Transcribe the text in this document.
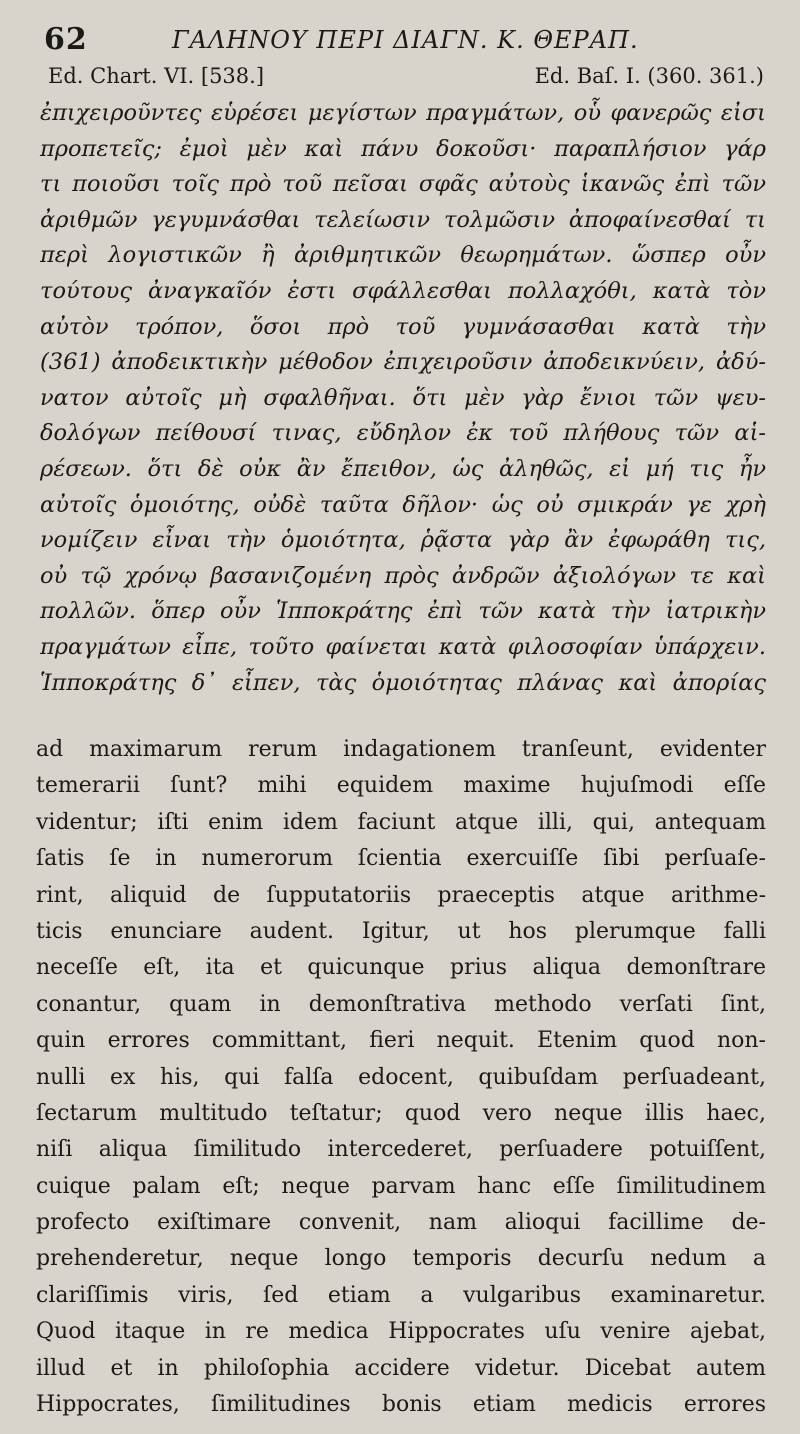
62	ΓΑΛΗΝΟΥ ΠΕΡΙ ΔΙΑΓΝ. Κ. ΘΕΡΑΠ.
Ed. Chart. VI. [538.]	Ed. Baſ. I. (360. 361.)
ἐπιχειροῦντες εὑρέσει μεγίστων πραγμάτων, οὗ φανερῶς εἰσι
προπετεῖς; ἐμοὶ μὲν καὶ πάνυ δοκοῦσι· παραπλήσιον γάρ
τι ποιοῦσι τοῖς πρὸ τοῦ πεῖσαι σφᾶς αὐτοὺς ἱκανῶς ἐπὶ τῶν
ἀριθμῶν γεγυμνάσθαι τελείωσιν τολμῶσιν ἀποφαίνεσθαί τι
περὶ λογιστικῶν ἢ ἀριθμητικῶν θεωρημάτων. ὥσπερ οὖν
τούτους ἀναγκαῖόν ἐστι σφάλλεσθαι πολλαχόθι, κατὰ τὸν
αὐτὸν τρόπον, ὅσοι πρὸ τοῦ γυμνάσασθαι κατὰ τὴν
(361) ἀποδεικτικὴν μέθοδον ἐπιχειροῦσιν ἀποδεικνύειν, ἀδύ-
νατον αὐτοῖς μὴ σφαλθῆναι. ὅτι μὲν γὰρ ἔνιοι τῶν ψευ-
δολόγων πείθουσί τινας, εὔδηλον ἐκ τοῦ πλήθους τῶν αἱ-
ρέσεων. ὅτι δὲ οὐκ ἂν ἔπειθον, ὡς ἀληθῶς, εἰ μή τις ἦν
αὐτοῖς ὁμοιότης, οὐδὲ ταῦτα δῆλον· ὡς οὐ σμικράν γε χρὴ
νομίζειν εἶναι τὴν ὁμοιότητα, ῥᾷστα γὰρ ἂν ἐφωράθη τις,
οὐ τῷ χρόνῳ βασανιζομένη πρὸς ἀνδρῶν ἀξιολόγων τε καὶ
πολλῶν. ὅπερ οὖν Ἱπποκράτης ἐπὶ τῶν κατὰ τὴν ἰατρικὴν
πραγμάτων εἶπε, τοῦτο φαίνεται κατὰ φιλοσοφίαν ὑπάρχειν.
Ἱπποκράτης δ᾽ εἶπεν, τὰς ὁμοιότητας πλάνας καὶ ἀπορίας
ad maximarum rerum indagationem tranſeunt, evidenter
temerarii ſunt? mihi equidem maxime hujuſmodi eſſe
videntur; iſti enim idem faciunt atque illi, qui, antequam
ſatis ſe in numerorum ſcientia exercuiſſe ſibi perſuaſe-
rint, aliquid de ſupputatoriis praeceptis atque arithme-
ticis enunciare audent. Igitur, ut hos plerumque falli
neceſſe eſt, ita et quicunque prius aliqua demonſtrare
conantur, quam in demonſtrativa methodo verſati ſint,
quin errores committant, fieri nequit. Etenim quod non-
nulli ex his, qui falſa edocent, quibuſdam perſuadeant,
ſectarum multitudo teſtatur; quod vero neque illis haec,
niſi aliqua ſimilitudo intercederet, perſuadere potuiſſent,
cuique palam eſt; neque parvam hanc eſſe ſimilitudinem
profecto exiſtimare convenit, nam alioqui facillime de-
prehenderetur, neque longo temporis decurſu nedum a
clariſſimis viris, ſed etiam a vulgaribus examinaretur.
Quod itaque in re medica Hippocrates uſu venire ajebat,
illud et in philoſophia accidere videtur. Dicebat autem
Hippocrates, ſimilitudines bonis etiam medicis errores
